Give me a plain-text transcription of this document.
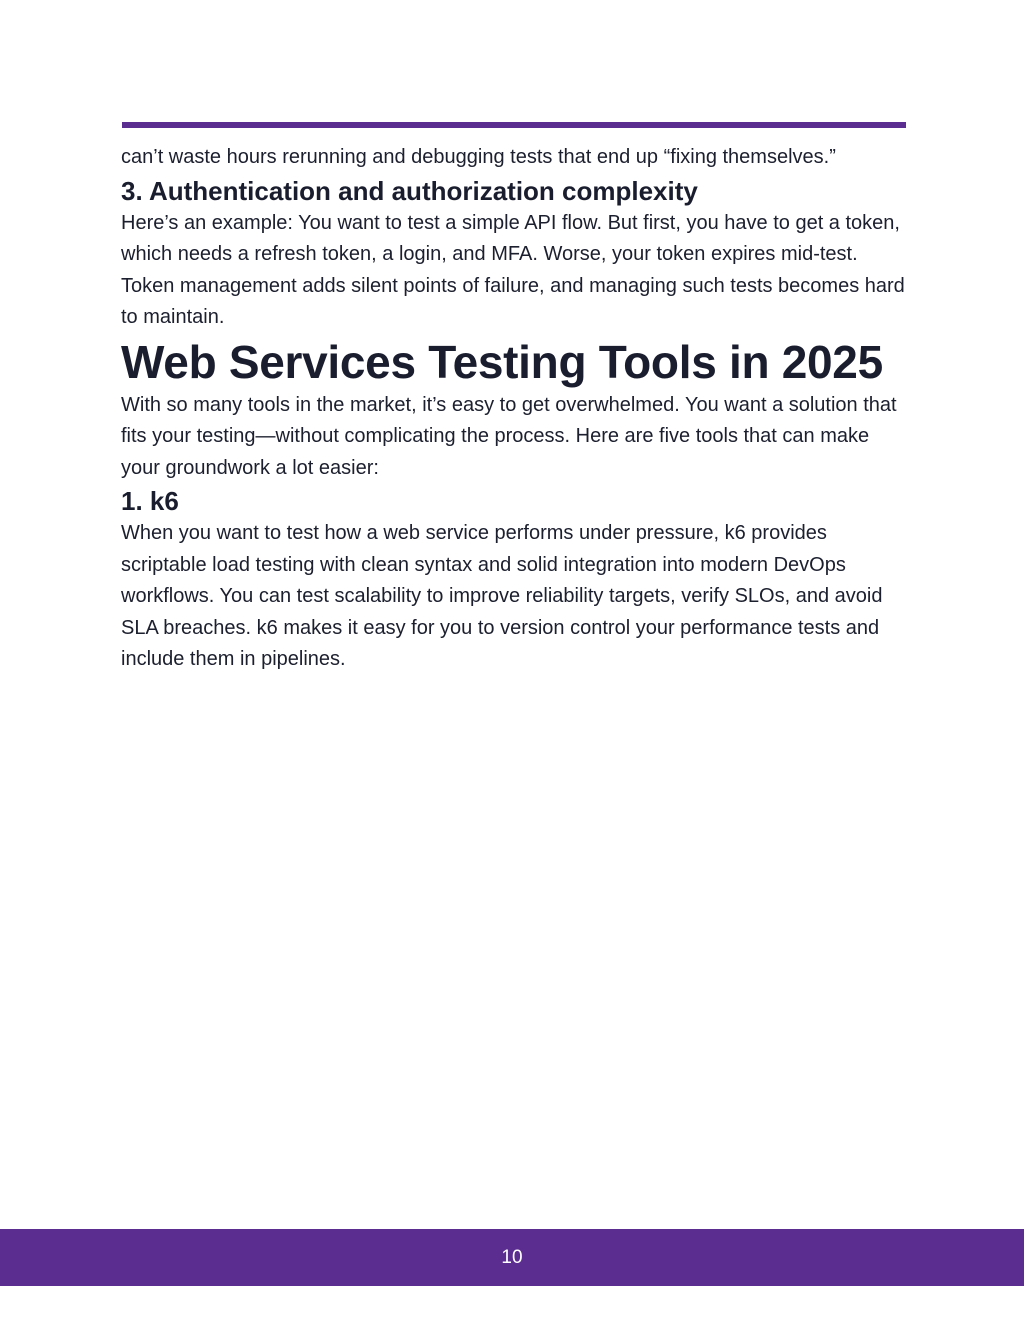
can’t waste hours rerunning and debugging tests that end up “fixing themselves.”

3. Authentication and authorization complexity

Here’s an example: You want to test a simple API flow. But first, you have to get a token, which needs a refresh token, a login, and MFA. Worse, your token expires mid-test. Token management adds silent points of failure, and managing such tests becomes hard to maintain.

Web Services Testing Tools in 2025

With so many tools in the market, it’s easy to get overwhelmed. You want a solution that fits your testing—without complicating the process. Here are five tools that can make your groundwork a lot easier:

1. k6

When you want to test how a web service performs under pressure, k6 provides scriptable load testing with clean syntax and solid integration into modern DevOps workflows. You can test scalability to improve reliability targets, verify SLOs, and avoid SLA breaches. k6 makes it easy for you to version control your performance tests and include them in pipelines.

10
